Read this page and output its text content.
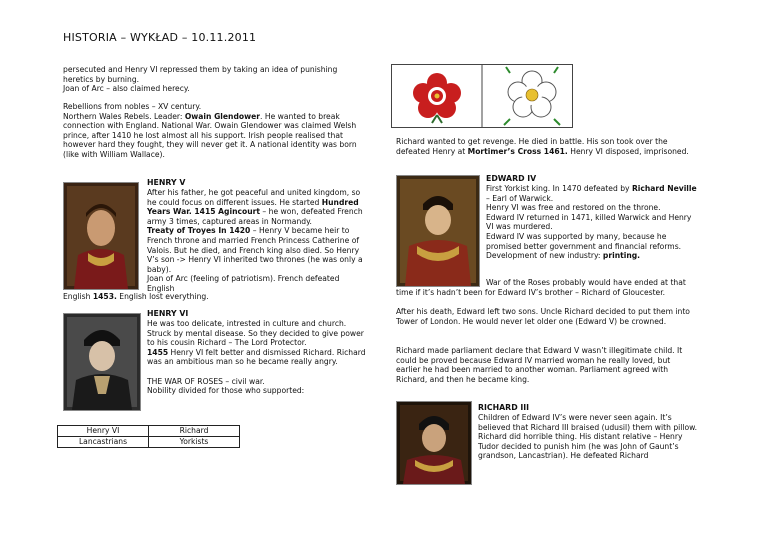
HISTORIA – WYKŁAD – 10.11.2011

persecuted and Henry VI repressed them by taking an idea of punishing heretics by burning.

Joan of Arc – also claimed herecy.

Rebellions from nobles – XV century.

Northern Wales Rebels. Leader: Owain Glendower. He wanted to break connection with England. National War. Owain Glendower was claimed Welsh prince, after 1410 he lost almost all his support. Irish people realised that however hard they fought, they will never get it. A national identity was born (like with William Wallace).

HENRY V

After his father, he got peaceful and united kingdom, so he could focus on different issues. He started Hundred Years War. 1415 Agincourt – he won, defeated French army 3 times, captured areas in Normandy.

Treaty of Troyes In 1420 – Henry V became heir to French throne and married French Princess Catherine of Valois. But he died, and French king also died. So Henry V’s son -> Henry VI inherited two thrones (he was only a baby).

Joan of Arc (feeling of patriotism). French defeated English

English 1453. English lost everything.

HENRY VI

He was too delicate, intrested in culture and church. Struck by mental disease. So they decided to give power to his cousin Richard – The Lord Protector.

1455 Henry VI felt better and dismissed Richard. Richard was an ambitious man so he became really angry.

THE WAR OF ROSES – civil war.

Nobility divided for those who supported:

Henry VI	Richard
Lancastrians	Yorkists

Richard wanted to get revenge. He died in battle. His son took over the defeated Henry at Mortimer’s Cross 1461. Henry VI disposed, imprisoned.

EDWARD IV

First Yorkist king. In 1470 defeated by Richard Neville – Earl of Warwick.

Henry VI was free and restored on the throne.

Edward IV returned in 1471, killed Warwick and Henry VI was murdered.

Edward IV was supported by many, because he promised better government and financial reforms.

Development of new industry: printing.

War of the Roses probably would have ended at that time if it’s hadn’t been for Edward IV’s brother – Richard of Gloucester.
After his death, Edward left two sons. Uncle Richard decided to put them into Tower of London. He would never let older one (Edward V) be crowned.
Richard made parliament declare that Edward V wasn’t illegitimate child. It could be proved because Edward IV married woman he really loved, but earlier he had been married to another woman. Parliament agreed with Richard, and then he became king.

RICHARD III

Children of Edward IV’s were never seen again. It’s believed that Richard III braised (udusil) them with pillow.

Richard did horrible thing. His distant relative – Henry Tudor decided to punish him (he was John of Gaunt’s grandson, Lancastrian). He defeated Richard
